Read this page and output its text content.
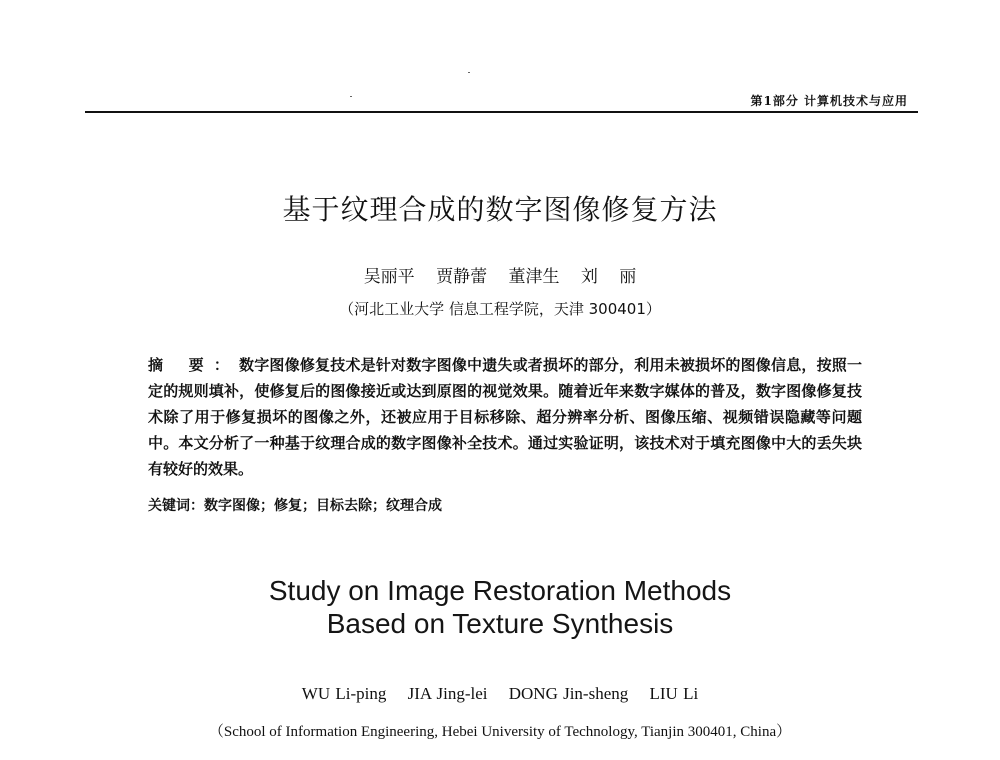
第1部分 计算机技术与应用
基于纹理合成的数字图像修复方法
吴丽平 贾静蕾 董津生 刘 丽
（河北工业大学 信息工程学院，天津 300401）
摘 要：数字图像修复技术是针对数字图像中遗失或者损坏的部分，利用未被损坏的图像信息，按照一定的规则填补，使修复后的图像接近或达到原图的视觉效果。随着近年来数字媒体的普及，数字图像修复技术除了用于修复损坏的图像之外，还被应用于目标移除、超分辨率分析、图像压缩、视频错误隐藏等问题中。本文分析了一种基于纹理合成的数字图像补全技术。通过实验证明，该技术对于填充图像中大的丢失块有较好的效果。
关键词：数字图像；修复；目标去除；纹理合成
Study on Image Restoration Methods
Based on Texture Synthesis
WU Li-ping JIA Jing-lei DONG Jin-sheng LIU Li
（School of Information Engineering, Hebei University of Technology, Tianjin 300401, China）
